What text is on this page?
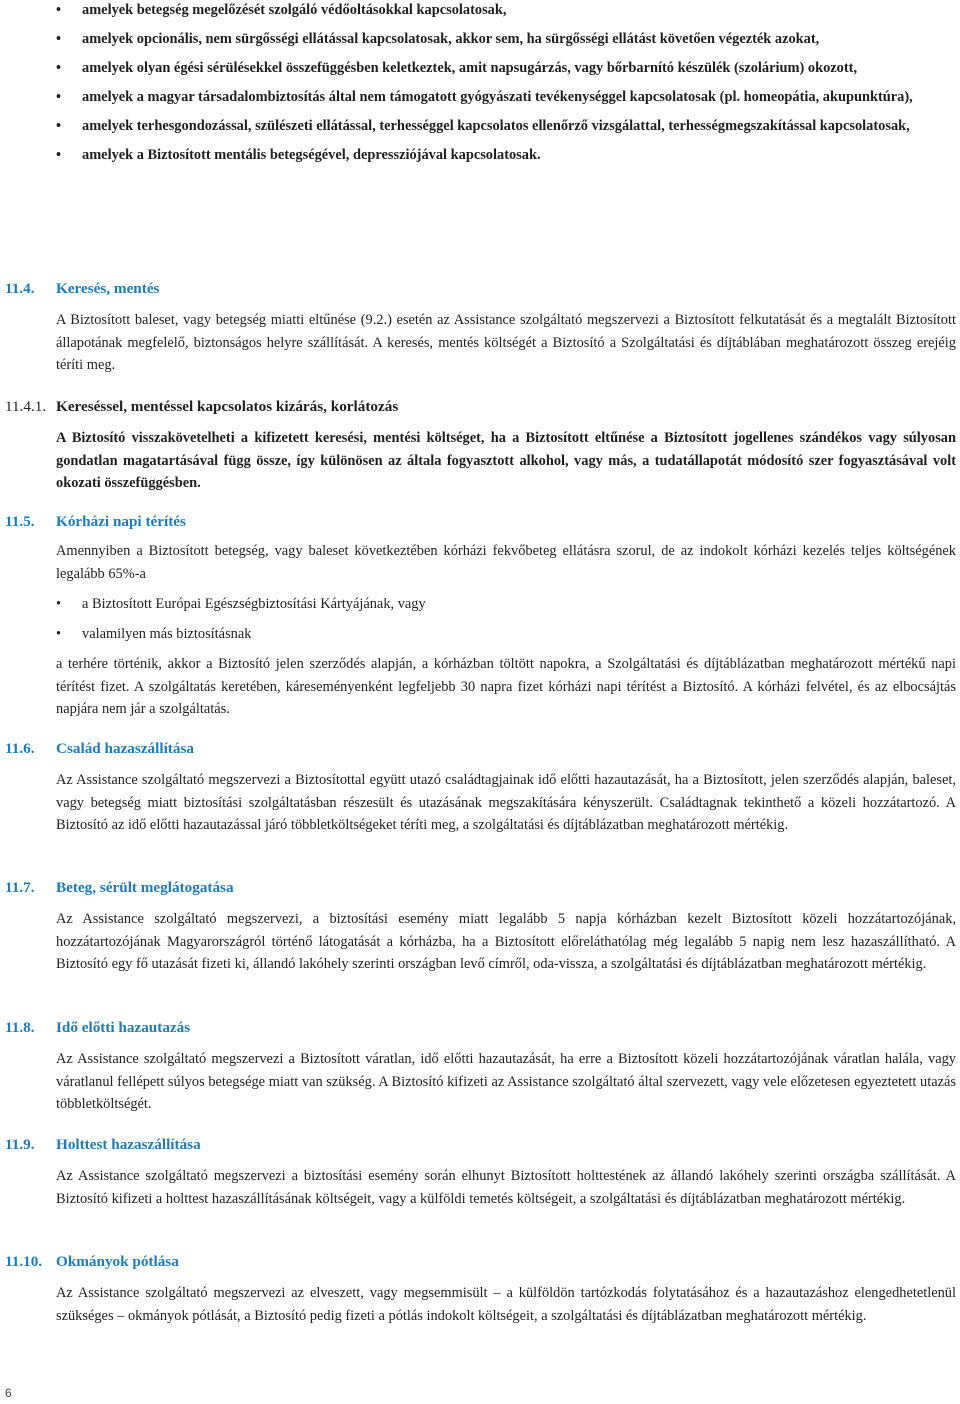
• amelyek betegség megelőzését szolgáló védőoltásokkal kapcsolatosak,
• amelyek opcionális, nem sürgősségi ellátással kapcsolatosak, akkor sem, ha sürgősségi ellátást követően végezték azokat,
• amelyek olyan égési sérülésekkel összefüggésben keletkeztek, amit napsugárzás, vagy bőrbarnító készülék (szolárium) okozott,
• amelyek a magyar társadalombiztosítás által nem támogatott gyógyászati tevékenységgel kapcsolatosak (pl. homeopátia, akupunktúra),
• amelyek terhesgondozással, szülészeti ellátással, terhességgel kapcsolatos ellenőrző vizsgálattal, terhességmegszakítással kapcsolatosak,
• amelyek a Biztosított mentális betegségével, depressziójával kapcsolatosak.
11.4. Keresés, mentés

A Biztosított baleset, vagy betegség miatti eltűnése (9.2.) esetén az Assistance szolgáltató megszervezi a Biztosított felkutatását és a megtalált Biztosított állapotának megfelelő, biztonságos helyre szállítását. A keresés, mentés költségét a Biztosító a Szolgáltatási és díjtáblában meghatározott összeg erejéig téríti meg.

11.4.1. Kereséssel, mentéssel kapcsolatos kizárás, korlátozás

A Biztosító visszakövetelheti a kifizetett keresési, mentési költséget, ha a Biztosított eltűnése a Biztosított jogellenes szándékos vagy súlyosan gondatlan magatartásával függ össze, így különösen az általa fogyasztott alkohol, vagy más, a tudatállapotát módosító szer fogyasztásával volt okozati összefüggésben.

11.5. Kórházi napi térítés

Amennyiben a Biztosított betegség, vagy baleset következtében kórházi fekvőbeteg ellátásra szorul, de az indokolt kórházi kezelés teljes költségének legalább 65%-a

• a Biztosított Európai Egészségbiztosítási Kártyájának, vagy
• valamilyen más biztosításnak

a terhére történik, akkor a Biztosító jelen szerződés alapján, a kórházban töltött napokra, a Szolgáltatási és díjtáblázatban meghatározott mértékű napi térítést fizet. A szolgáltatás keretében, káreseményenként legfeljebb 30 napra fizet kórházi napi térítést a Biztosító. A kórházi felvétel, és az elbocsájtás napjára nem jár a szolgáltatás.

11.6. Család hazaszállítása

Az Assistance szolgáltató megszervezi a Biztosítottal együtt utazó családtagjainak idő előtti hazautazását, ha a Biztosított, jelen szerződés alapján, baleset, vagy betegség miatt biztosítási szolgáltatásban részesült és utazásának megszakítására kényszerült. Családtagnak tekinthető a közeli hozzátartozó. A Biztosító az idő előtti hazautazással járó többletköltségeket téríti meg, a szolgáltatási és díjtáblázatban meghatározott mértékig.

11.7. Beteg, sérült meglátogatása

Az Assistance szolgáltató megszervezi, a biztosítási esemény miatt legalább 5 napja kórházban kezelt Biztosított közeli hozzátartozójának, hozzátartozójának Magyarországról történő látogatását a kórházba, ha a Biztosított előreláthatólag még legalább 5 napig nem lesz hazaszállítható. A Biztosító egy fő utazását fizeti ki, állandó lakóhely szerinti országban levő címről, oda-vissza, a szolgáltatási és díjtáblázatban meghatározott mértékig.

11.8. Idő előtti hazautazás

Az Assistance szolgáltató megszervezi a Biztosított váratlan, idő előtti hazautazását, ha erre a Biztosított közeli hozzátartozójának váratlan halála, vagy váratlanul fellépett súlyos betegsége miatt van szükség. A Biztosító kifizeti az Assistance szolgáltató által szervezett, vagy vele előzetesen egyeztetett utazás többletköltségét.

11.9. Holttest hazaszállítása

Az Assistance szolgáltató megszervezi a biztosítási esemény során elhunyt Biztosított holttestének az állandó lakóhely szerinti országba szállítását. A Biztosító kifizeti a holttest hazaszállításának költségeit, vagy a külföldi temetés költségeit, a szolgáltatási és díjtáblázatban meghatározott mértékig.

11.10. Okmányok pótlása

Az Assistance szolgáltató megszervezi az elveszett, vagy megsemmisült – a külföldön tartózkodás folytatásához és a hazautazáshoz elengedhetetlenül szükséges – okmányok pótlását, a Biztosító pedig fizeti a pótlás indokolt költségeit, a szolgáltatási és díjtáblázatban meghatározott mértékig.

6
